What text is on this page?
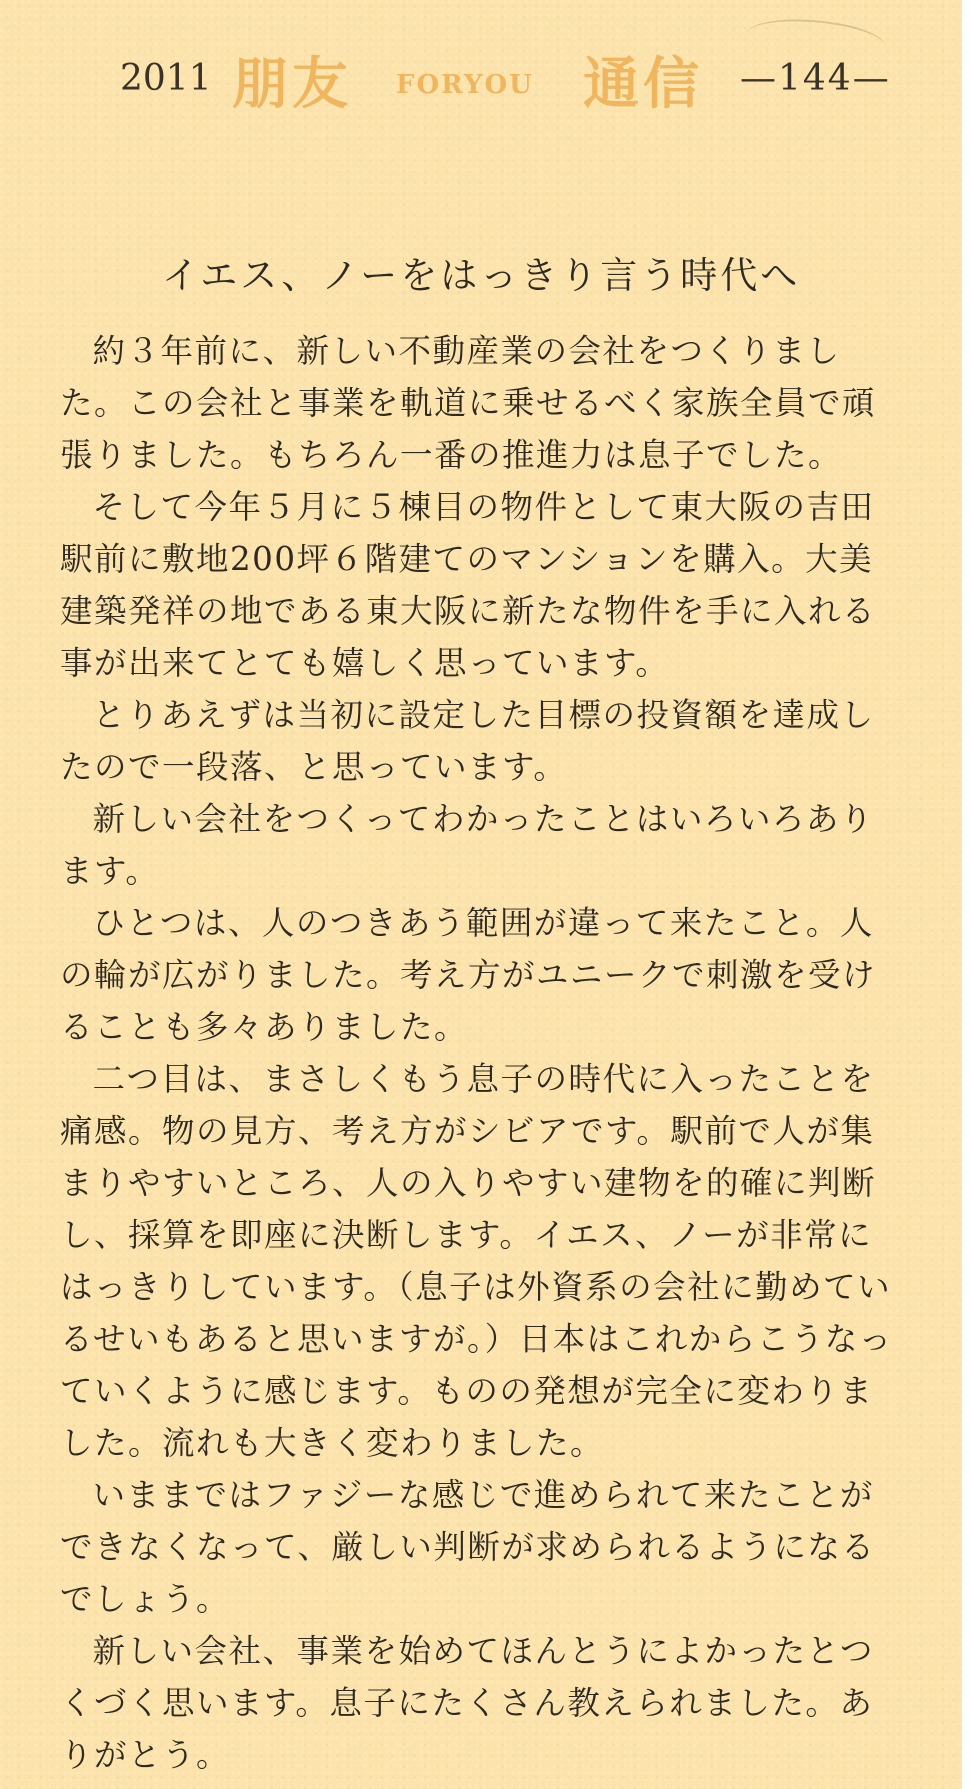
2011 朋友 FORYOU 通信 —144—
イエス、ノーをはっきり言う時代へ

約３年前に、新しい不動産業の会社をつくりました。この会社と事業を軌道に乗せるべく家族全員で頑張りました。もちろん一番の推進力は息子でした。

そして今年５月に５棟目の物件として東大阪の吉田駅前に敷地200坪６階建てのマンションを購入。大美建築発祥の地である東大阪に新たな物件を手に入れる事が出来てとても嬉しく思っています。

とりあえずは当初に設定した目標の投資額を達成したので一段落、と思っています。

新しい会社をつくってわかったことはいろいろあります。

ひとつは、人のつきあう範囲が違って来たこと。人の輪が広がりました。考え方がユニークで刺激を受けることも多々ありました。

二つ目は、まさしくもう息子の時代に入ったことを痛感。物の見方、考え方がシビアです。駅前で人が集まりやすいところ、人の入りやすい建物を的確に判断し、採算を即座に決断します。イエス、ノーが非常にはっきりしています。（息子は外資系の会社に勤めているせいもあると思いますが。）日本はこれからこうなっていくように感じます。ものの発想が完全に変わりました。流れも大きく変わりました。

いままではファジーな感じで進められて来たことができなくなって、厳しい判断が求められるようになるでしょう。

新しい会社、事業を始めてほんとうによかったとつくづく思います。息子にたくさん教えられました。ありがとう。
